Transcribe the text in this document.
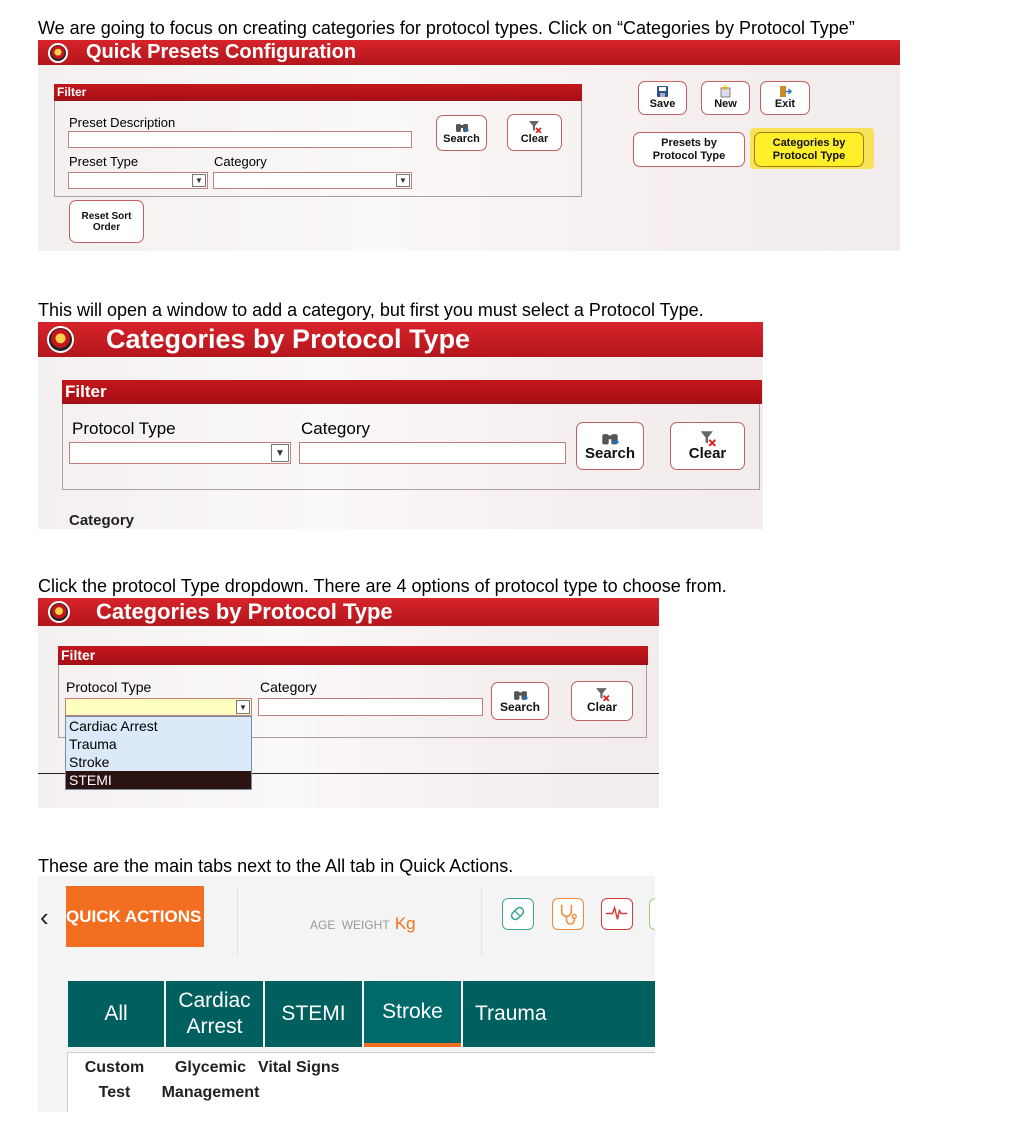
We are going to focus on creating categories for protocol types. Click on “Categories by Protocol Type”
Quick Presets Configuration
Filter
Preset Description
Preset Type	Category
▼	▼
Search	Clear
Reset Sort Order
Save	New	Exit
Presets by Protocol Type
Categories by Protocol Type
This will open a window to add a category, but first you must select a Protocol Type.
Categories by Protocol Type
Filter
Protocol Type	Category
▼	Search	Clear
Category
Click the protocol Type dropdown. There are 4 options of protocol type to choose from.
Categories by Protocol Type
Filter
Protocol Type	Category
▼	Search	Clear
Cardiac Arrest
Trauma
Stroke
STEMI
These are the main tabs next to the All tab in Quick Actions.
‹ QUICK ACTIONS	AGE WEIGHT Kg
All
Cardiac Arrest
STEMI	Stroke	Trauma
Custom Test
Glycemic Management
Vital Signs
